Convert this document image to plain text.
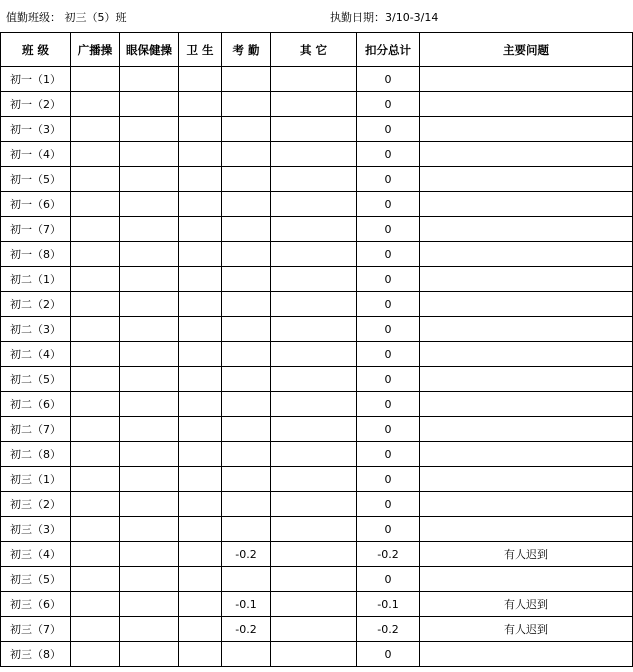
值勤班级： 初三（5）班	执勤日期：3/10-3/14
班 级	广播操	眼保健操	卫 生	考 勤	其 它	扣分总计	主要问题
初一（1）						0	
初一（2）						0	
初一（3）						0	
初一（4）						0	
初一（5）						0	
初一（6）						0	
初一（7）						0	
初一（8）						0	
初二（1）						0	
初二（2）						0	
初二（3）						0	
初二（4）						0	
初二（5）						0	
初二（6）						0	
初二（7）						0	
初二（8）						0	
初三（1）						0	
初三（2）						0	
初三（3）						0	
初三（4）				-0.2		-0.2	有人迟到
初三（5）						0	
初三（6）				-0.1		-0.1	有人迟到
初三（7）				-0.2		-0.2	有人迟到
初三（8）						0	
